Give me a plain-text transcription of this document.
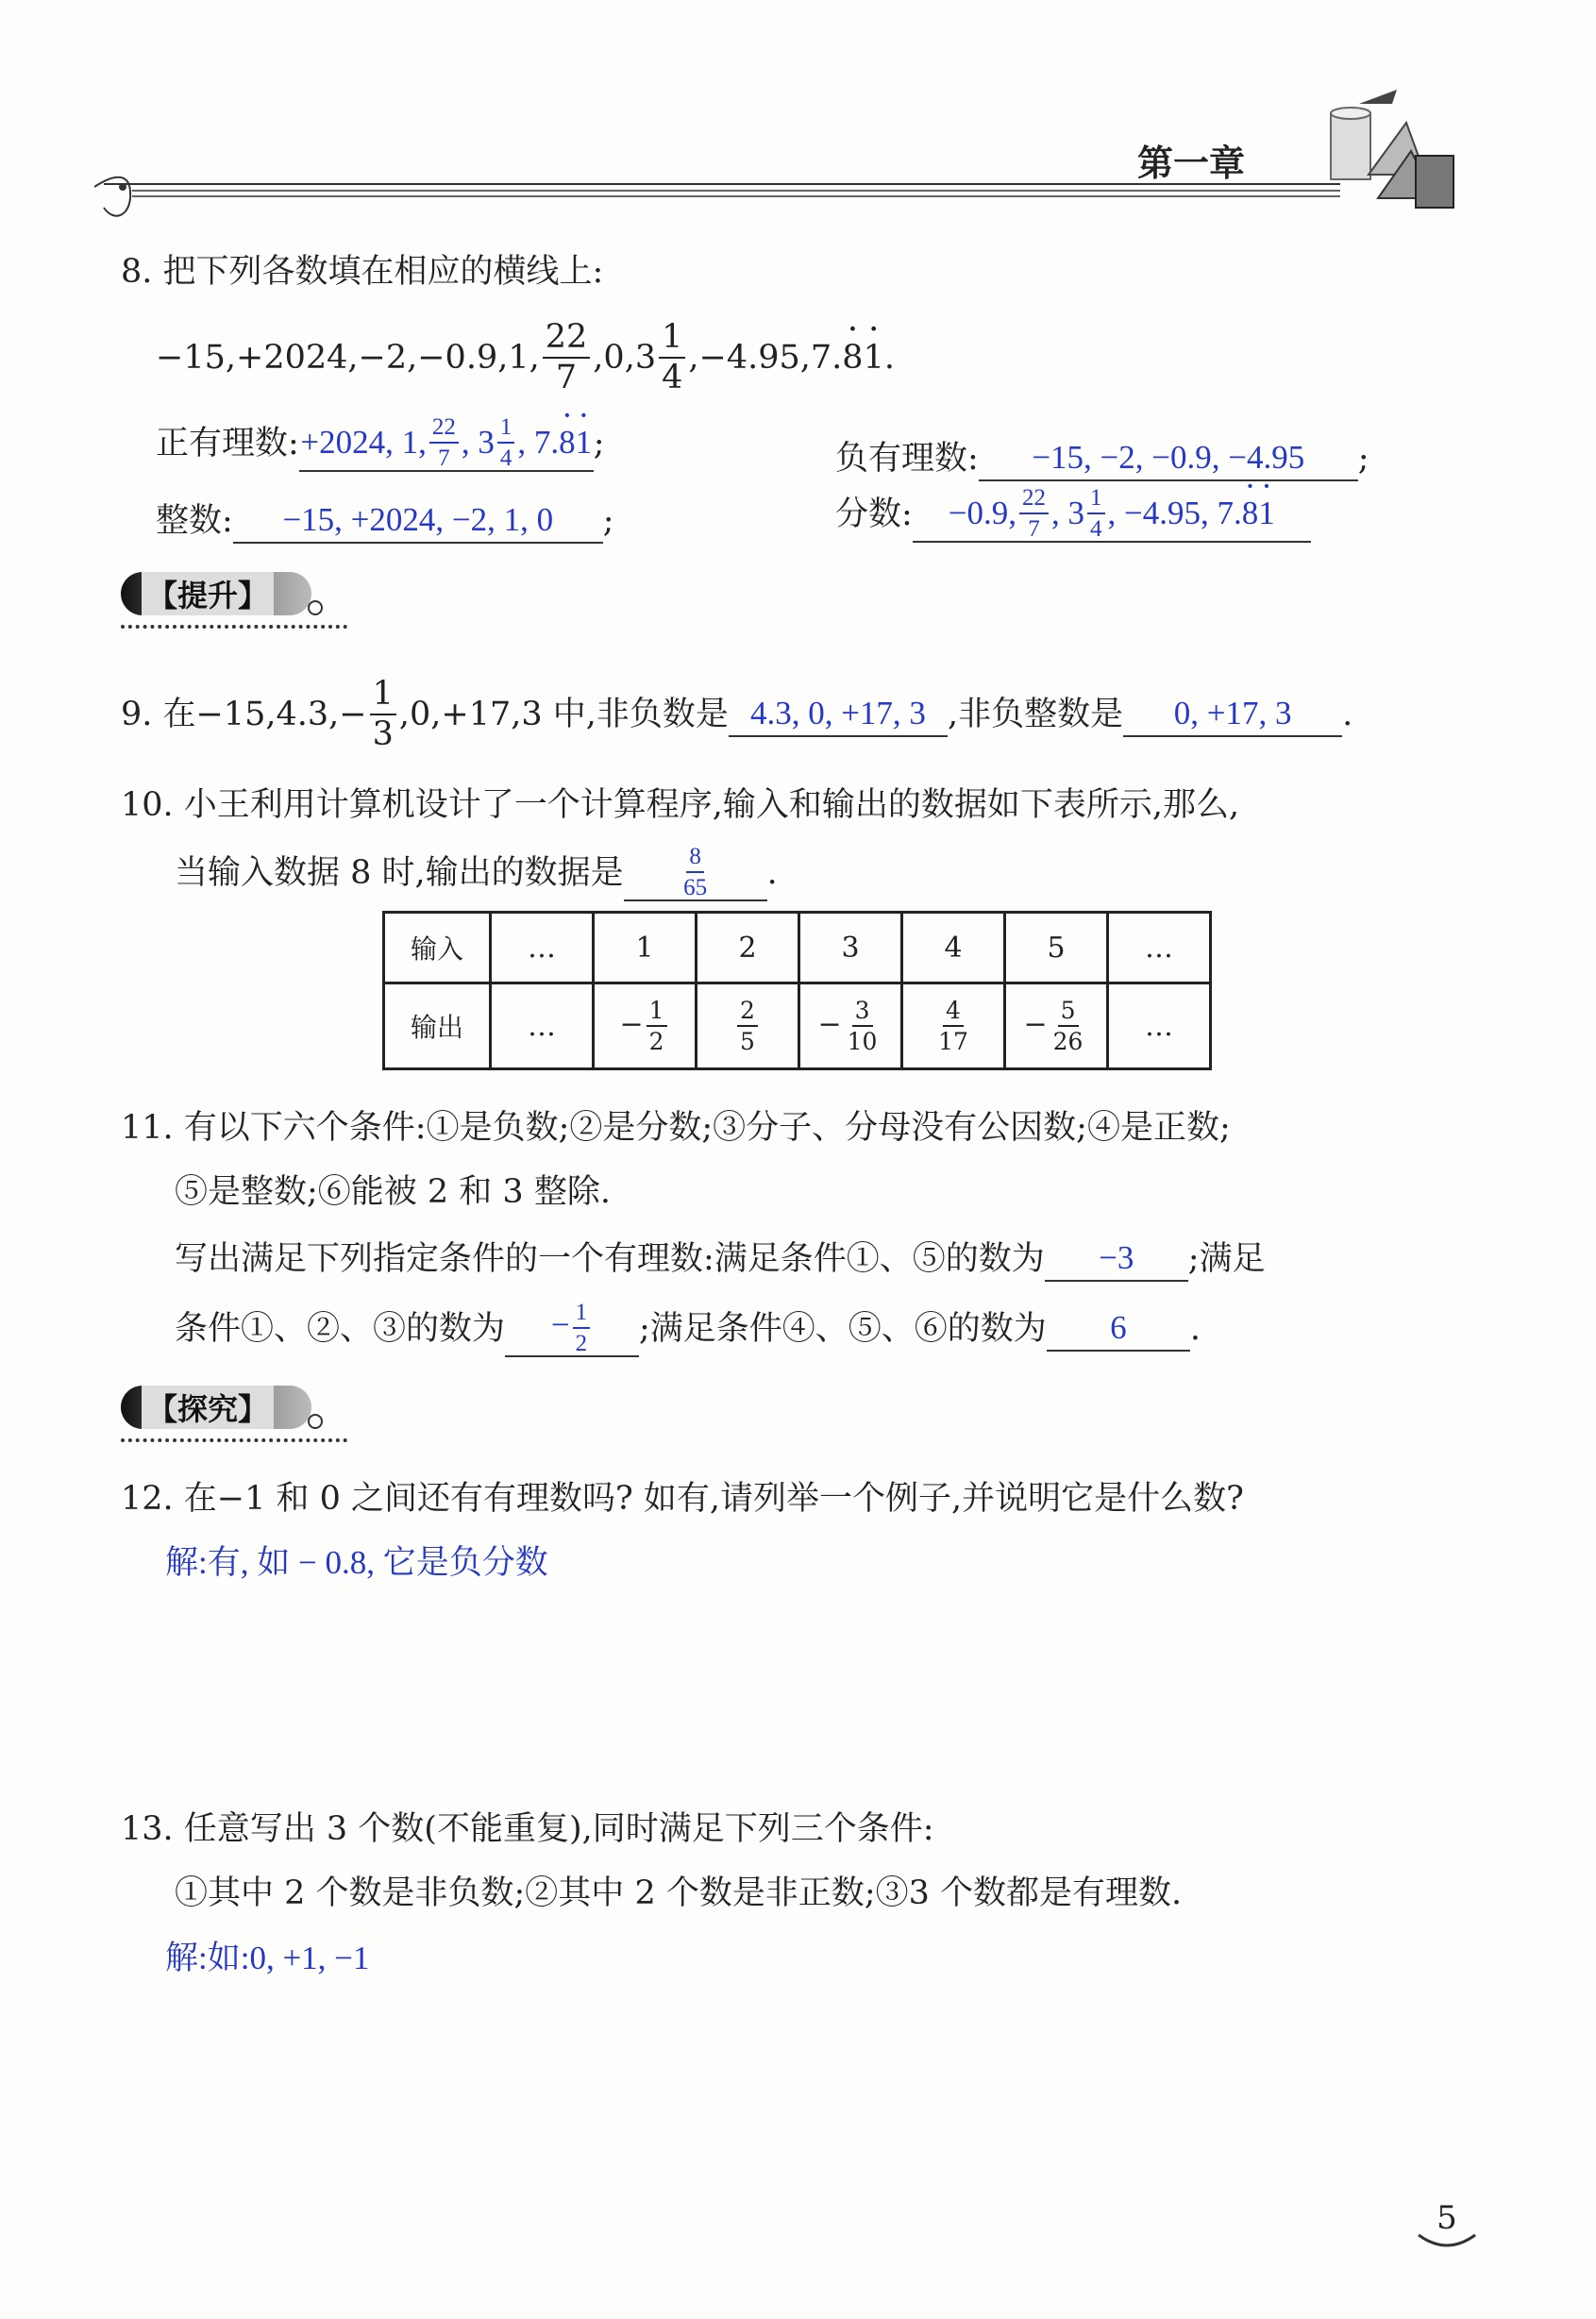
第一章
8. 把下列各数填在相应的横线上:
−15,+2024,−2,−0.9,1, $\frac{22}{7} ,0,3 \frac{1}{4} ,-4.95,7$. · 8 · 1 .
正有理数: +2024, 1, $\frac{22}{7}$ , $3 \frac{1}{4}$ , 7. · 8 · 1 ;	负有理数:	−15, −2, −0.9, −4.95	;
整数:	−15, +2024, −2, 1, 0	;	分数: −0.9, $\frac{22}{7}$ , $3 \frac{1}{4}$ , −4.95, 7. · 8 · 1
【提升】
9. 在$-15,4.3,- \frac{1}{3} ,0,+17,3$ 中,非负数是 4.3, 0, +17, 3 ,非负整数是	0, +17, 3	.
10. 小王利用计算机设计了一个计算程序,输入和输出的数据如下表所示,那么,
当输入数据 8 时,输出的数据是 $\frac{8}{65}$ .
输入	…	1	2	3	4	5	…
输出	…	− $\frac{1}{2}$	$\frac{2}{5}$	− $\frac{3}{10}$	$\frac{4}{17}$	− $\frac{5}{26}$	…
11. 有以下六个条件:①是负数;②是分数;③分子、分母没有公因数;④是正数;
⑤是整数;⑥能被 2 和 3 整除.
写出满足下列指定条件的一个有理数:满足条件①、⑤的数为	−3	;满足
条件①、②、③的数为	− $\frac{1}{2}$ ;满足条件④、⑤、⑥的数为	6	.
【探究】
12. 在−1 和 0 之间还有有理数吗? 如有,请列举一个例子,并说明它是什么数?
解:有, 如 − 0.8, 它是负分数
13. 任意写出 3 个数(不能重复),同时满足下列三个条件:
①其中 2 个数是非负数;②其中 2 个数是非正数;③3 个数都是有理数.
解:如:0, +1, −1
5
